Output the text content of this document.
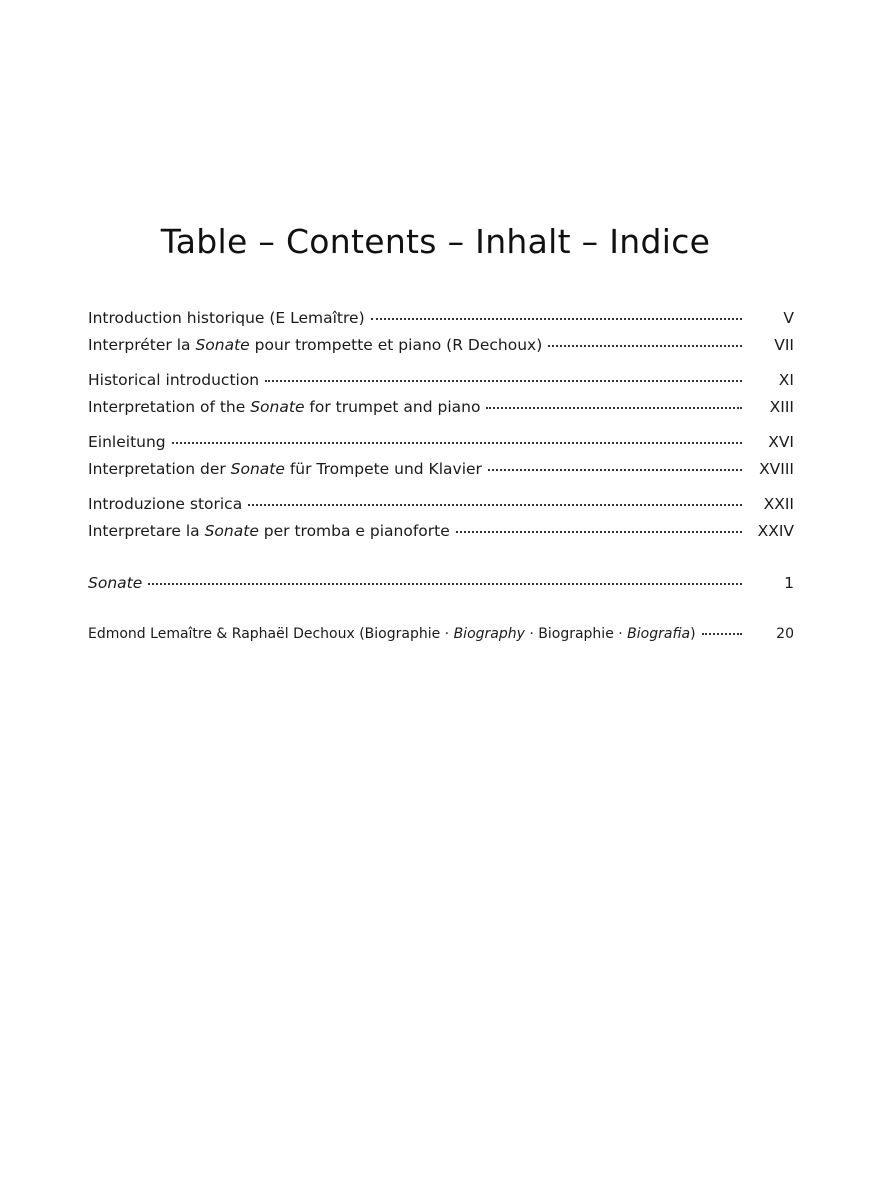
Table – Contents – Inhalt – Indice
Introduction historique (E Lemaître)	V
Interpréter la Sonate pour trompette et piano (R Dechoux)	VII
Historical introduction	XI
Interpretation of the Sonate for trumpet and piano	XIII
Einleitung	XVI
Interpretation der Sonate für Trompete und Klavier	XVIII
Introduzione storica	XXII
Interpretare la Sonate per tromba e pianoforte	XXIV
Sonate	1
Edmond Lemaître & Raphaël Dechoux (Biographie · Biography · Biographie · Biografia)	20
